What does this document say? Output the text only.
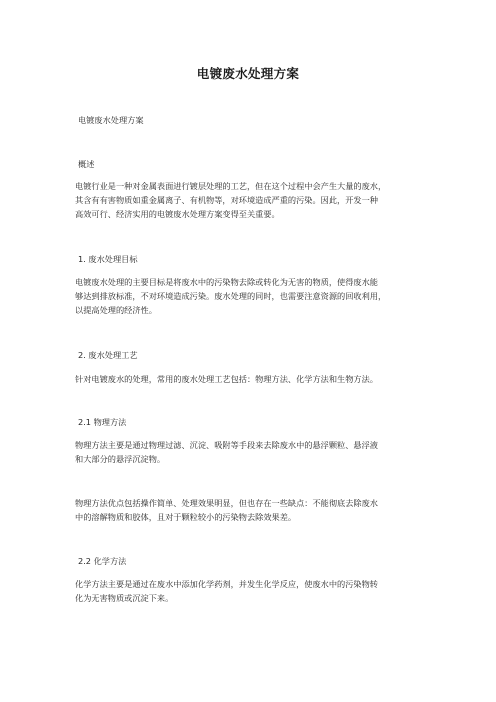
电镀废水处理方案
电镀废水处理方案
概述
电镀行业是一种对金属表面进行镀层处理的工艺，但在这个过程中会产生大量的废水，
其含有有害物质如重金属离子、有机物等，对环境造成严重的污染。因此，开发一种
高效可行、经济实用的电镀废水处理方案变得至关重要。
1. 废水处理目标
电镀废水处理的主要目标是将废水中的污染物去除或转化为无害的物质，使得废水能
够达到排放标准，不对环境造成污染。废水处理的同时，也需要注意资源的回收利用，
以提高处理的经济性。
2. 废水处理工艺
针对电镀废水的处理，常用的废水处理工艺包括：物理方法、化学方法和生物方法。
2.1 物理方法
物理方法主要是通过物理过滤、沉淀、吸附等手段来去除废水中的悬浮颗粒、悬浮液
和大部分的悬浮沉淀物。
物理方法优点包括操作简单、处理效果明显，但也存在一些缺点：不能彻底去除废水
中的溶解物质和胶体，且对于颗粒较小的污染物去除效果差。
2.2 化学方法
化学方法主要是通过在废水中添加化学药剂，并发生化学反应，使废水中的污染物转
化为无害物质或沉淀下来。
